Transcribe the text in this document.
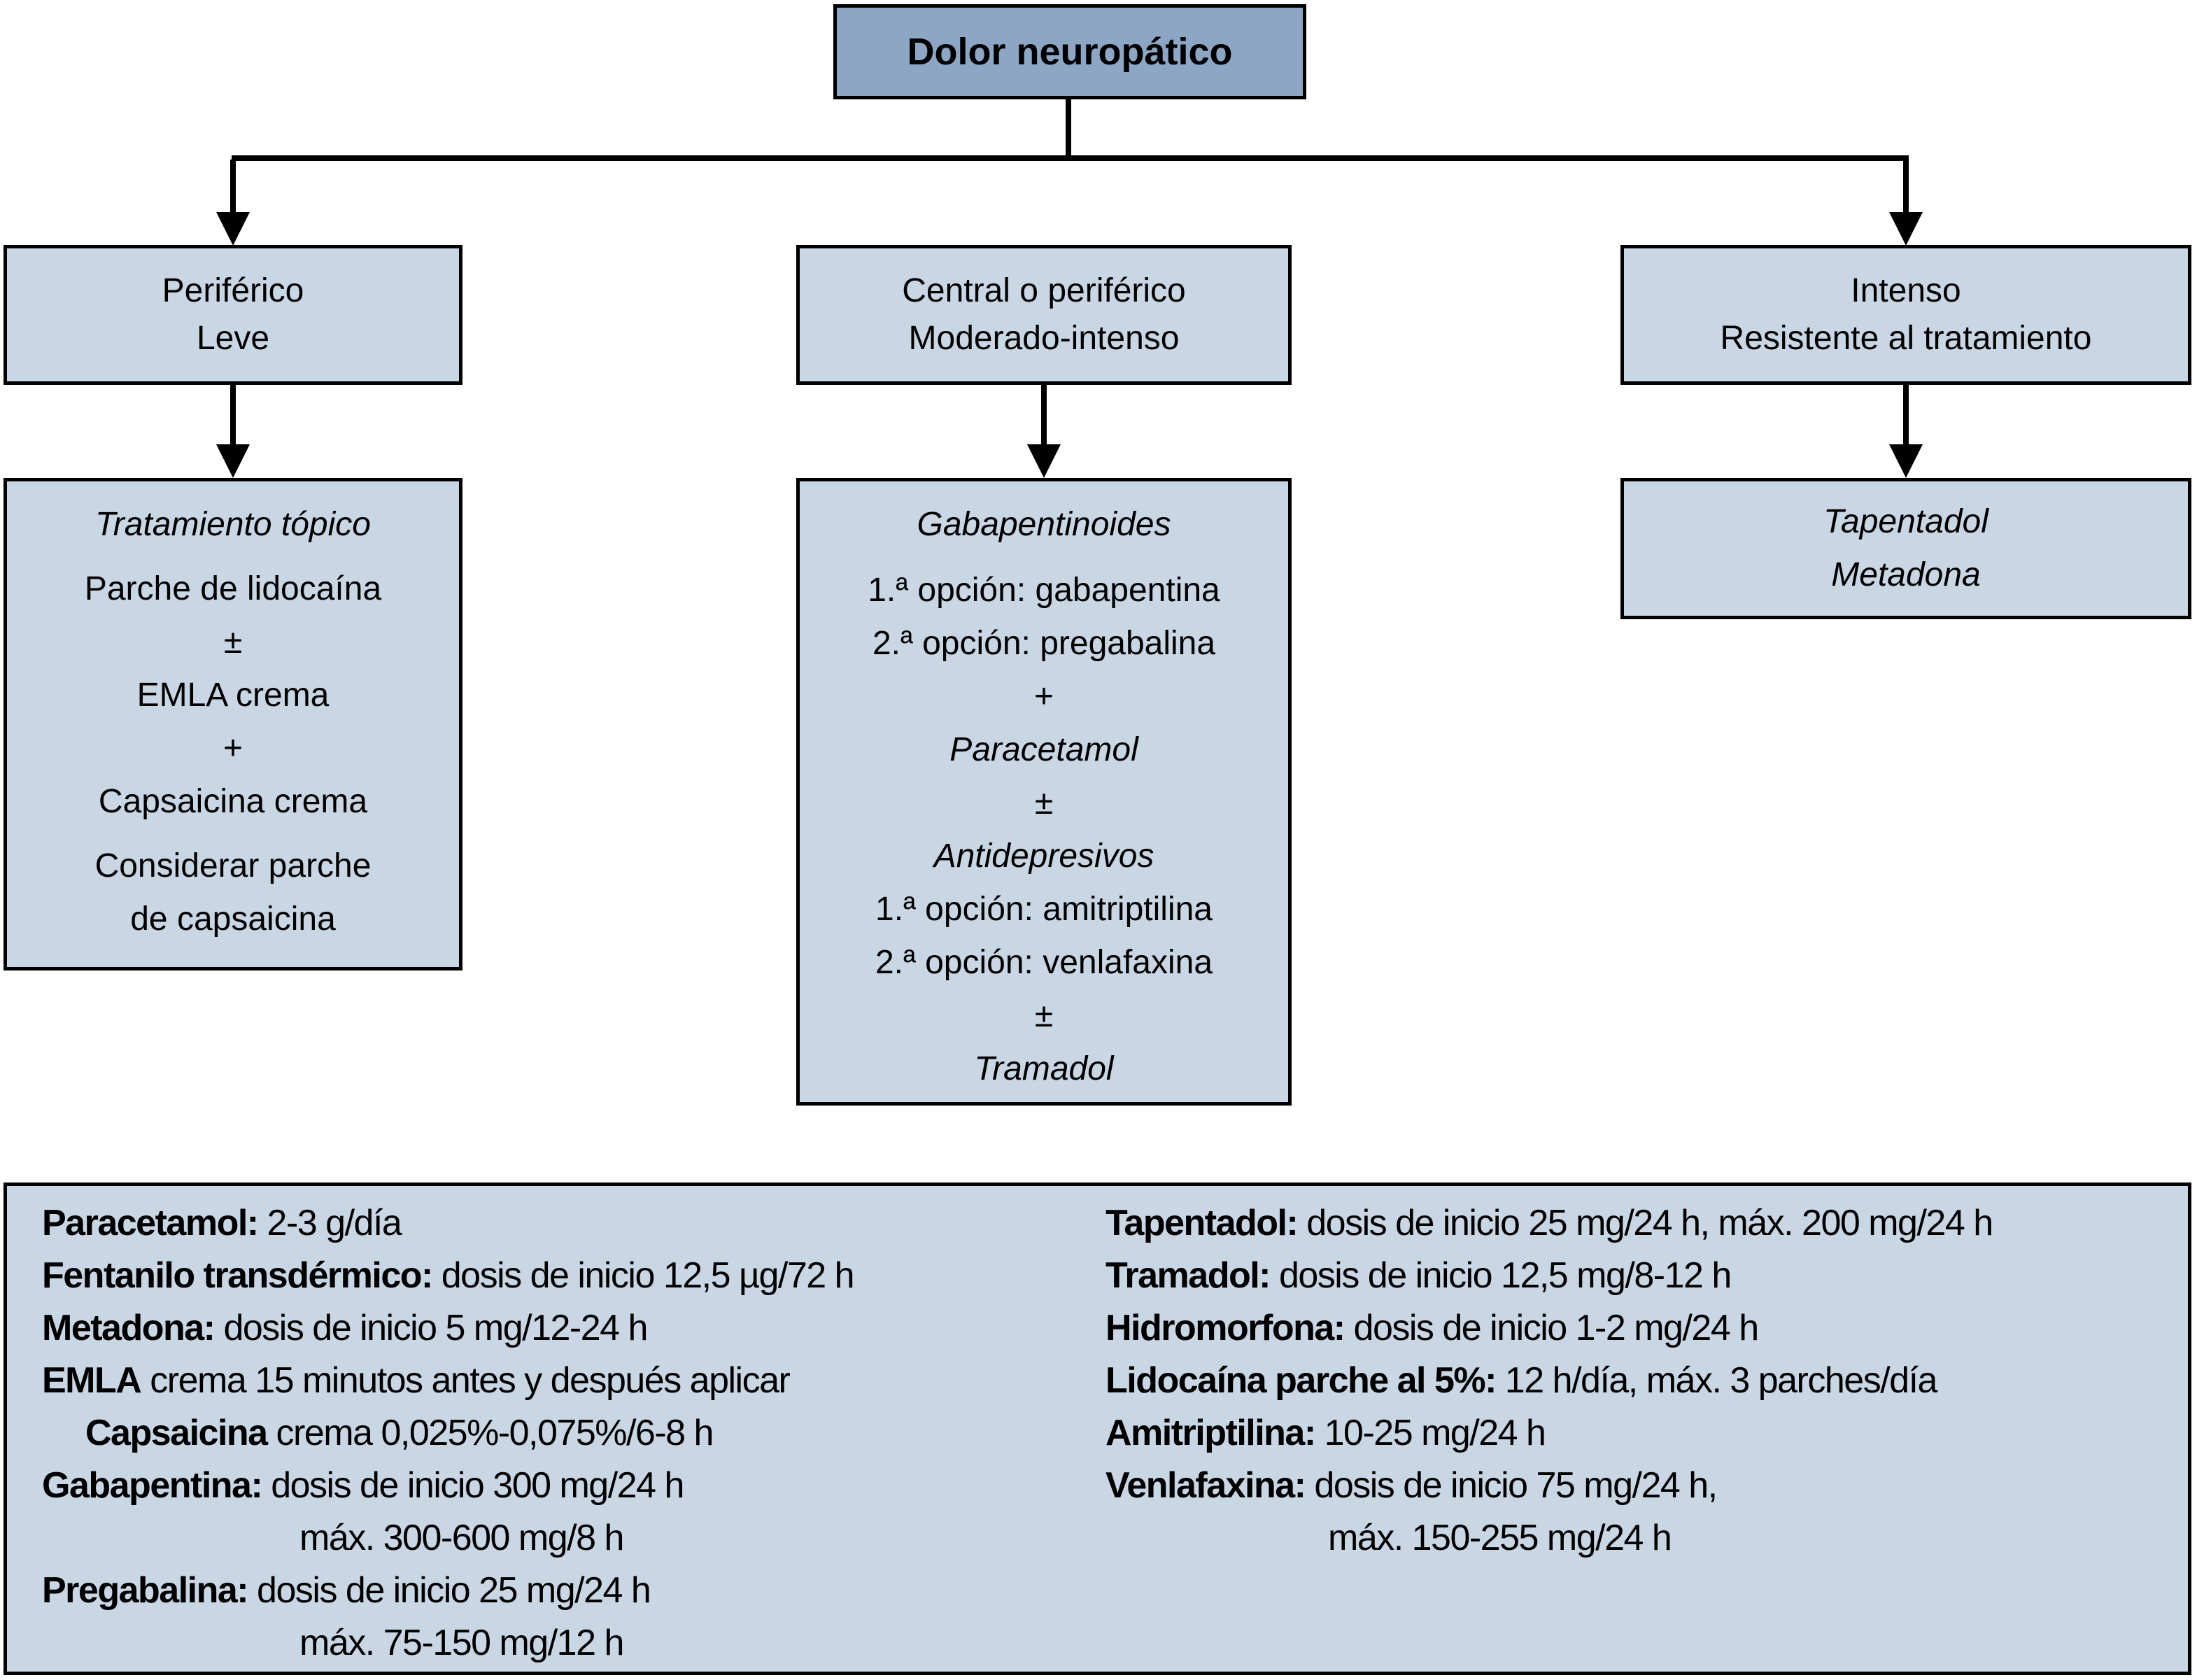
Dolor neuropático
Periférico
Leve
Central o periférico
Moderado-intenso
Intenso
Resistente al tratamiento
Tratamiento tópico
Parche de lidocaína
±
EMLA crema
+
Capsaicina crema
Considerar parche
de capsaicina
Gabapentinoides
1.ª opción: gabapentina
2.ª opción: pregabalina
+
Paracetamol
±
Antidepresivos
1.ª opción: amitriptilina
2.ª opción: venlafaxina
±
Tramadol
Tapentadol
Metadona
Paracetamol: 2-3 g/día
Fentanilo transdérmico: dosis de inicio 12,5 µg/72 h
Metadona: dosis de inicio 5 mg/12-24 h
EMLA crema 15 minutos antes y después aplicar
Capsaicina crema 0,025%-0,075%/6-8 h
Gabapentina: dosis de inicio 300 mg/24 h
máx. 300-600 mg/8 h
Pregabalina: dosis de inicio 25 mg/24 h
máx. 75-150 mg/12 h
Tapentadol: dosis de inicio 25 mg/24 h, máx. 200 mg/24 h
Tramadol: dosis de inicio 12,5 mg/8-12 h
Hidromorfona: dosis de inicio 1-2 mg/24 h
Lidocaína parche al 5%: 12 h/día, máx. 3 parches/día
Amitriptilina: 10-25 mg/24 h
Venlafaxina: dosis de inicio 75 mg/24 h,
máx. 150-255 mg/24 h
